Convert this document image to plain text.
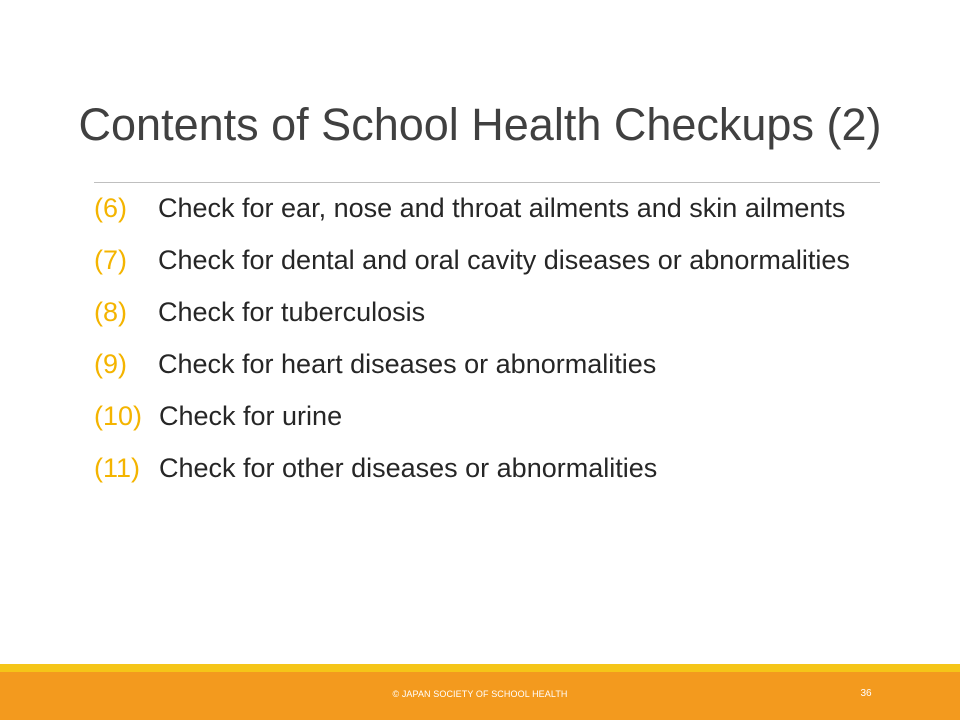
Contents of School Health Checkups (2)
(6)	Check for ear, nose and throat ailments and skin ailments
(7)	Check for dental and oral cavity diseases or abnormalities
(8)	Check for tuberculosis
(9)	Check for heart diseases or abnormalities
(10) Check for urine
(11) Check for other diseases or abnormalities
© JAPAN SOCIETY OF SCHOOL HEALTH	36
